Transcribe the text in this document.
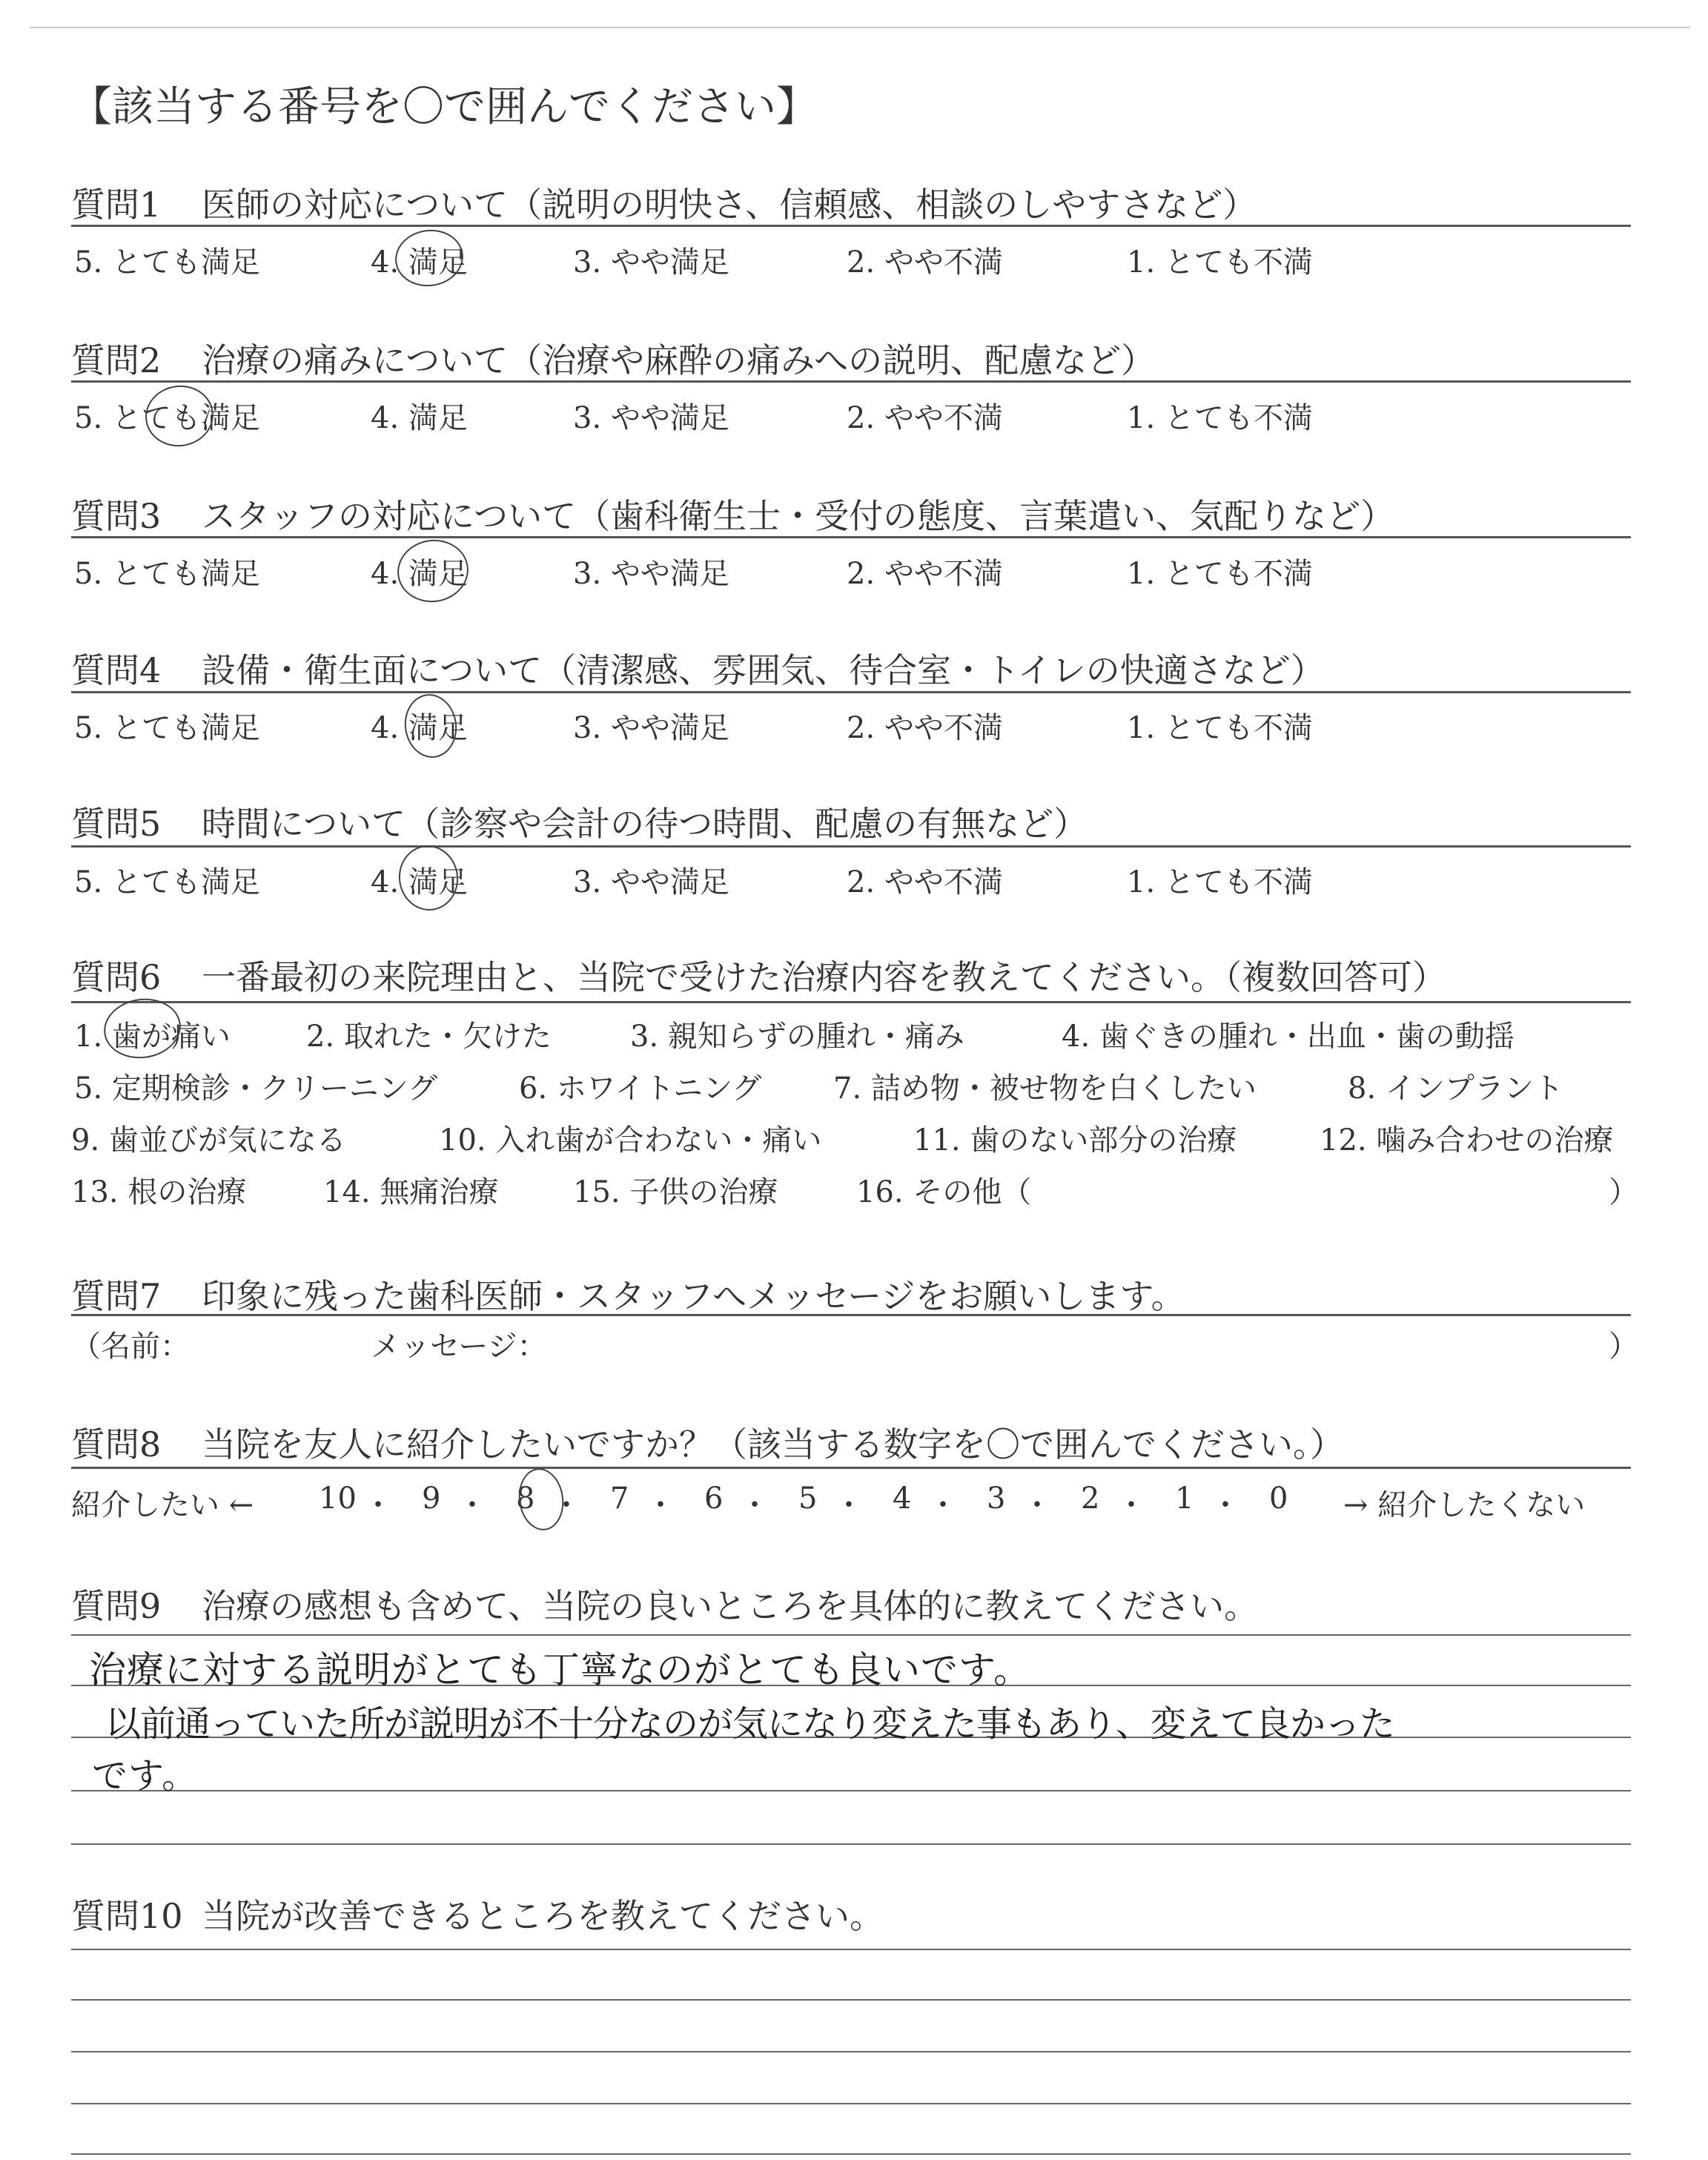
【該当する番号を〇で囲んでください】
質問1 医師の対応について（説明の明快さ、信頼感、相談のしやすさなど）
5. とても満足	4. 満足	3. やや満足	2. やや不満	1. とても不満
質問2 治療の痛みについて（治療や麻酔の痛みへの説明、配慮など）
5. とても満足	4. 満足	3. やや満足	2. やや不満	1. とても不満
質問3 スタッフの対応について（歯科衛生士・受付の態度、言葉遣い、気配りなど）
5. とても満足	4. 満足	3. やや満足	2. やや不満	1. とても不満
質問4 設備・衛生面について（清潔感、雰囲気、待合室・トイレの快適さなど）
5. とても満足	4. 満足	3. やや満足	2. やや不満	1. とても不満
質問5 時間について（診察や会計の待つ時間、配慮の有無など）
5. とても満足	4. 満足	3. やや満足	2. やや不満	1. とても不満
質問6 一番最初の来院理由と、当院で受けた治療内容を教えてください。（複数回答可）
1. 歯が痛い	2. 取れた・欠けた	3. 親知らずの腫れ・痛み	4. 歯ぐきの腫れ・出血・歯の動揺
5. 定期検診・クリーニング	6. ホワイトニング 7. 詰め物・被せ物を白くしたい	8. インプラント
9. 歯並びが気になる	10. 入れ歯が合わない・痛い	11. 歯のない部分の治療	12. 噛み合わせの治療
13. 根の治療	14. 無痛治療	15. 子供の治療	16. その他（	）
質問7 印象に残った歯科医師・スタッフへメッセージをお願いします。
（名前：	メッセージ：	）
質問8 当院を友人に紹介したいですか？（該当する数字を〇で囲んでください。）
紹介したい ← 10 ・ 9 ・ 8 ・ 7 ・ 6 ・ 5 ・ 4 ・ 3 ・ 2 ・ 1 ・ 0 → 紹介したくない
質問9 治療の感想も含めて、当院の良いところを具体的に教えてください。
治療に対する説明がとても丁寧なのがとても良いです。
以前通っていた所が説明が不十分なのが気になり変えた事もあり、変えて良かった
です。
質問10 当院が改善できるところを教えてください。
